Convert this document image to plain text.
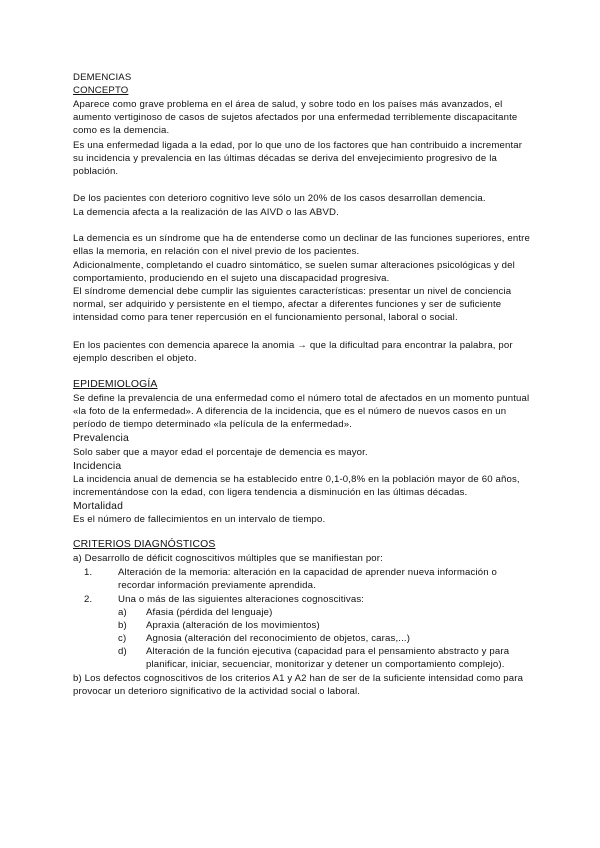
DEMENCIAS
CONCEPTO
Aparece como grave problema en el área de salud, y sobre todo en los países más avanzados, el aumento vertiginoso de casos de sujetos afectados por una enfermedad terriblemente discapacitante como es la demencia.
Es una enfermedad ligada a la edad, por lo que uno de los factores que han contribuido a incrementar su incidencia y prevalencia en las últimas décadas se deriva del envejecimiento progresivo de la población.
De los pacientes con deterioro cognitivo leve sólo un 20% de los casos desarrollan demencia.
La demencia afecta a la realización de las AIVD o las ABVD.
La demencia es un síndrome que ha de entenderse como un declinar de las funciones superiores, entre ellas la memoria, en relación con el nivel previo de los pacientes.
Adicionalmente, completando el cuadro sintomático, se suelen sumar alteraciones psicológicas y del comportamiento, produciendo en el sujeto una discapacidad progresiva.
El síndrome demencial debe cumplir las siguientes características: presentar un nivel de conciencia normal, ser adquirido y persistente en el tiempo, afectar a diferentes funciones y ser de suficiente intensidad como para tener repercusión en el funcionamiento personal, laboral o social.
En los pacientes con demencia aparece la anomia → que la dificultad para encontrar la palabra, por ejemplo describen el objeto.
EPIDEMIOLOGÍA
Se define la prevalencia de una enfermedad como el número total de afectados en un momento puntual «la foto de la enfermedad». A diferencia de la incidencia, que es el número de nuevos casos en un período de tiempo determinado «la película de la enfermedad».
Prevalencia
Solo saber que a mayor edad el porcentaje de demencia es mayor.
Incidencia
La incidencia anual de demencia se ha establecido entre 0,1-0,8% en la población mayor de 60 años, incrementándose con la edad, con ligera tendencia a disminución en las últimas décadas.
Mortalidad
Es el número de fallecimientos en un intervalo de tiempo.
CRITERIOS DIAGNÓSTICOS
a) Desarrollo de déficit cognoscitivos múltiples que se manifiestan por:
1.	Alteración de la memoria: alteración en la capacidad de aprender nueva información o recordar información previamente aprendida.
2.	Una o más de las siguientes alteraciones cognoscitivas:
a) Afasia (pérdida del lenguaje)
b) Apraxia (alteración de los movimientos)
c) Agnosia (alteración del reconocimiento de objetos, caras,...)
d) Alteración de la función ejecutiva (capacidad para el pensamiento abstracto y para planificar, iniciar, secuenciar, monitorizar y detener un comportamiento complejo).
b) Los defectos cognoscitivos de los criterios A1 y A2 han de ser de la suficiente intensidad como para provocar un deterioro significativo de la actividad social o laboral.
